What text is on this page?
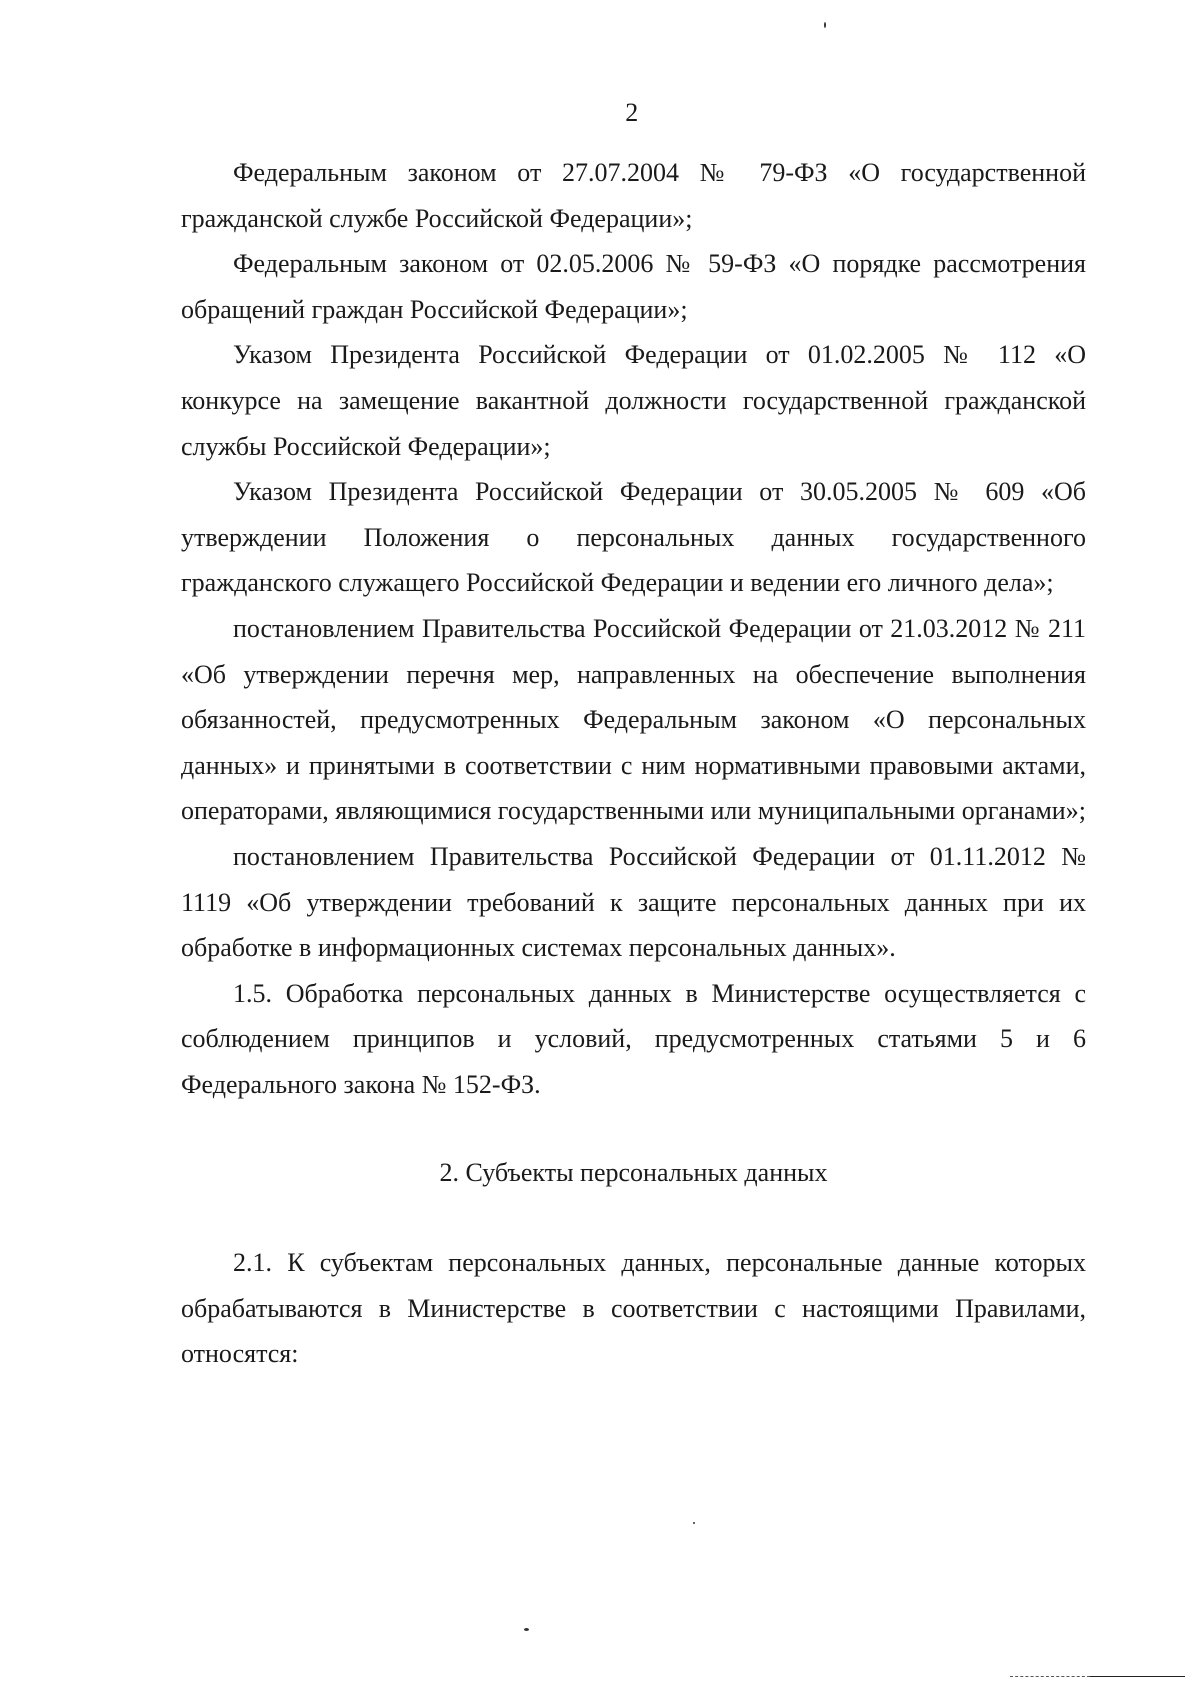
2

Федеральным законом от 27.07.2004 № 79-ФЗ «О государственной гражданской службе Российской Федерации»;

Федеральным законом от 02.05.2006 № 59-ФЗ «О порядке рассмотрения обращений граждан Российской Федерации»;

Указом Президента Российской Федерации от 01.02.2005 № 112 «О конкурсе на замещение вакантной должности государственной гражданской службы Российской Федерации»;

Указом Президента Российской Федерации от 30.05.2005 № 609 «Об утверждении Положения о персональных данных государственного гражданского служащего Российской Федерации и ведении его личного дела»;

постановлением Правительства Российской Федерации от 21.03.2012 № 211 «Об утверждении перечня мер, направленных на обеспечение выполнения обязанностей, предусмотренных Федеральным законом «О персональных данных» и принятыми в соответствии с ним нормативными правовыми актами, операторами, являющимися государственными или муниципальными органами»;

постановлением Правительства Российской Федерации от 01.11.2012 № 1119 «Об утверждении требований к защите персональных данных при их обработке в информационных системах персональных данных».

1.5. Обработка персональных данных в Министерстве осуществляется с соблюдением принципов и условий, предусмотренных статьями 5 и 6 Федерального закона № 152-ФЗ.

2. Субъекты персональных данных

2.1. К субъектам персональных данных, персональные данные которых обрабатываются в Министерстве в соответствии с настоящими Правилами, относятся:
